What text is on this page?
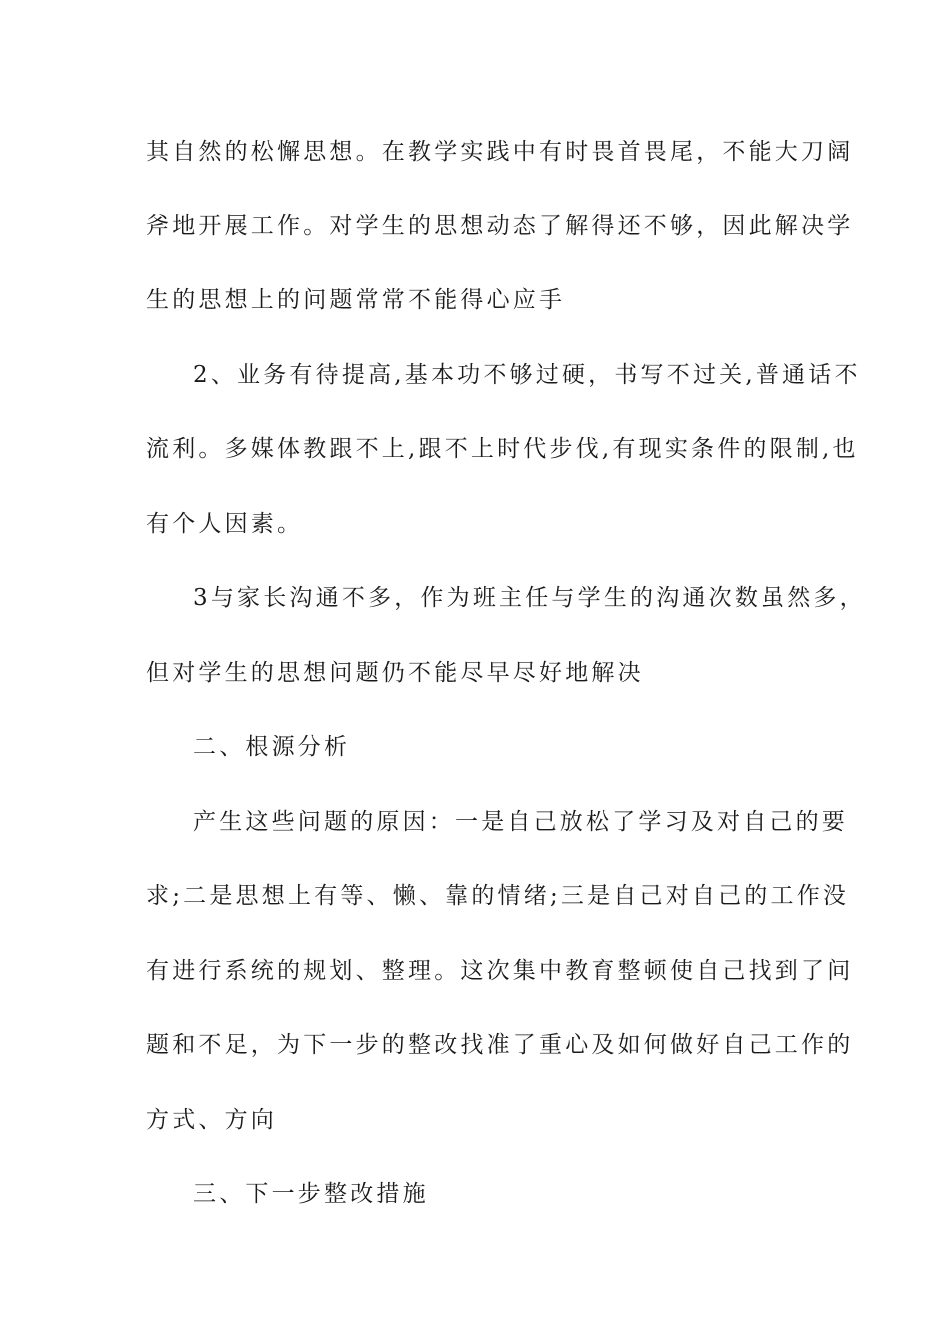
其自然的松懈思想。在教学实践中有时畏首畏尾，不能大刀阔
斧地开展工作。对学生的思想动态了解得还不够，因此解决学
生的思想上的问题常常不能得心应手
2、业务有待提高,基本功不够过硬，书写不过关,普通话不
流利。多媒体教跟不上,跟不上时代步伐,有现实条件的限制,也
有个人因素。
3与家长沟通不多，作为班主任与学生的沟通次数虽然多，
但对学生的思想问题仍不能尽早尽好地解决
二、根源分析
产生这些问题的原因：一是自己放松了学习及对自己的要
求;二是思想上有等、懒、靠的情绪;三是自己对自己的工作没
有进行系统的规划、整理。这次集中教育整顿使自己找到了问
题和不足，为下一步的整改找准了重心及如何做好自己工作的
方式、方向
三、下一步整改措施
